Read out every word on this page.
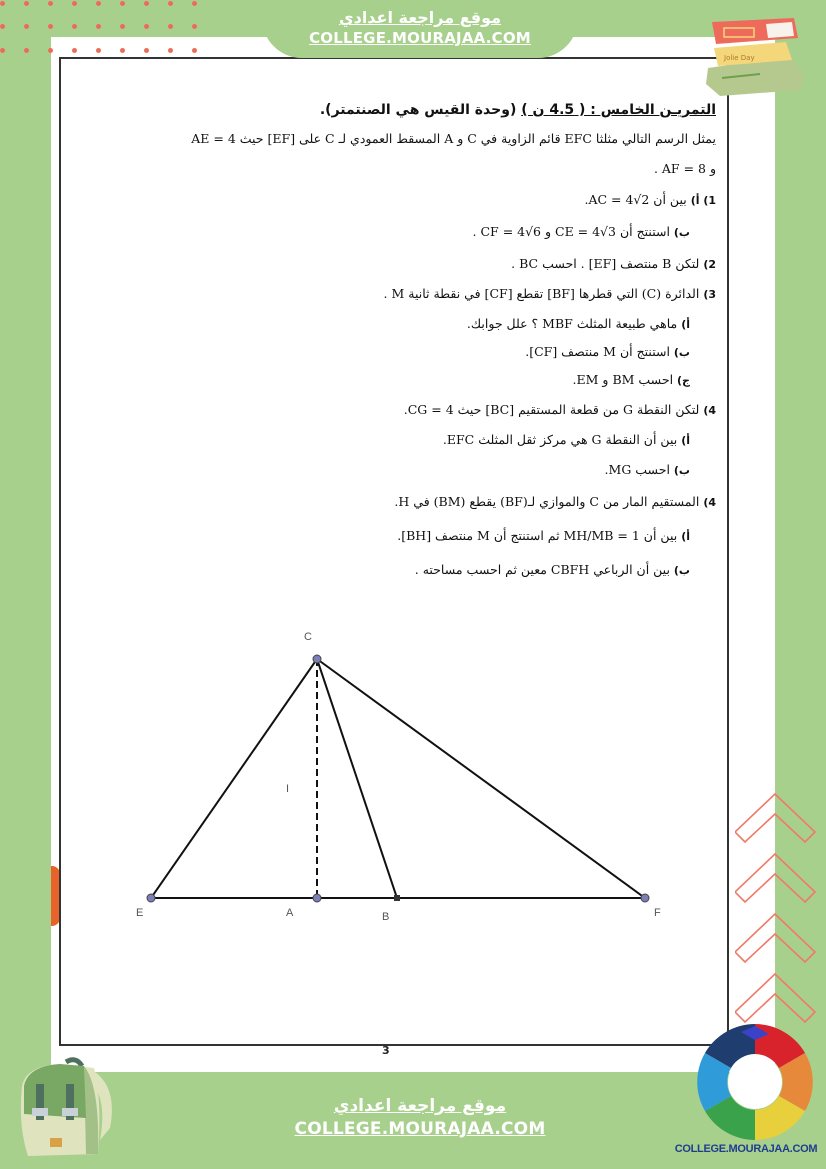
موقع مراجعة اعدادي
COLLEGE.MOURAJAA.COM
Jolie Day
التمريـن الخامس : ( 4.5 ن ) (وحدة القيس هي الصنتمتر).
يمثل الرسم التالي مثلثا EFC قائم الزاوية في C و A المسقط العمودي لـ C على [EF] حيث AE = 4
و AF = 8 .
1) أ) بين أن AC = 4√2.
ب) استنتج أن CE = 4√3 و CF = 4√6 .
2) لتكن B منتصف [EF] . احسب BC .
3) الدائرة (C) التي قطرها [BF] تقطع [CF] في نقطة ثانية M .
أ) ماهي طبيعة المثلث MBF ؟ علل جوابك.
ب) استنتج أن M منتصف [CF].
ج) احسب BM و EM.
4) لتكن النقطة G من قطعة المستقيم [BC] حيث CG = 4.
أ) بين أن النقطة G هي مركز ثقل المثلث EFC.
ب) احسب MG.
4) المستقيم المار من C والموازي لـ(BF) يقطع (BM) في H.
أ) بين أن MH/MB = 1 ثم استنتج أن M منتصف [BH].
ب) بين أن الرباعي CBFH معين ثم احسب مساحته .
C
E
I
A	B	F
3
COLLEGE.MOURAJAA.COM
موقع مراجعة اعدادي
COLLEGE.MOURAJAA.COM
